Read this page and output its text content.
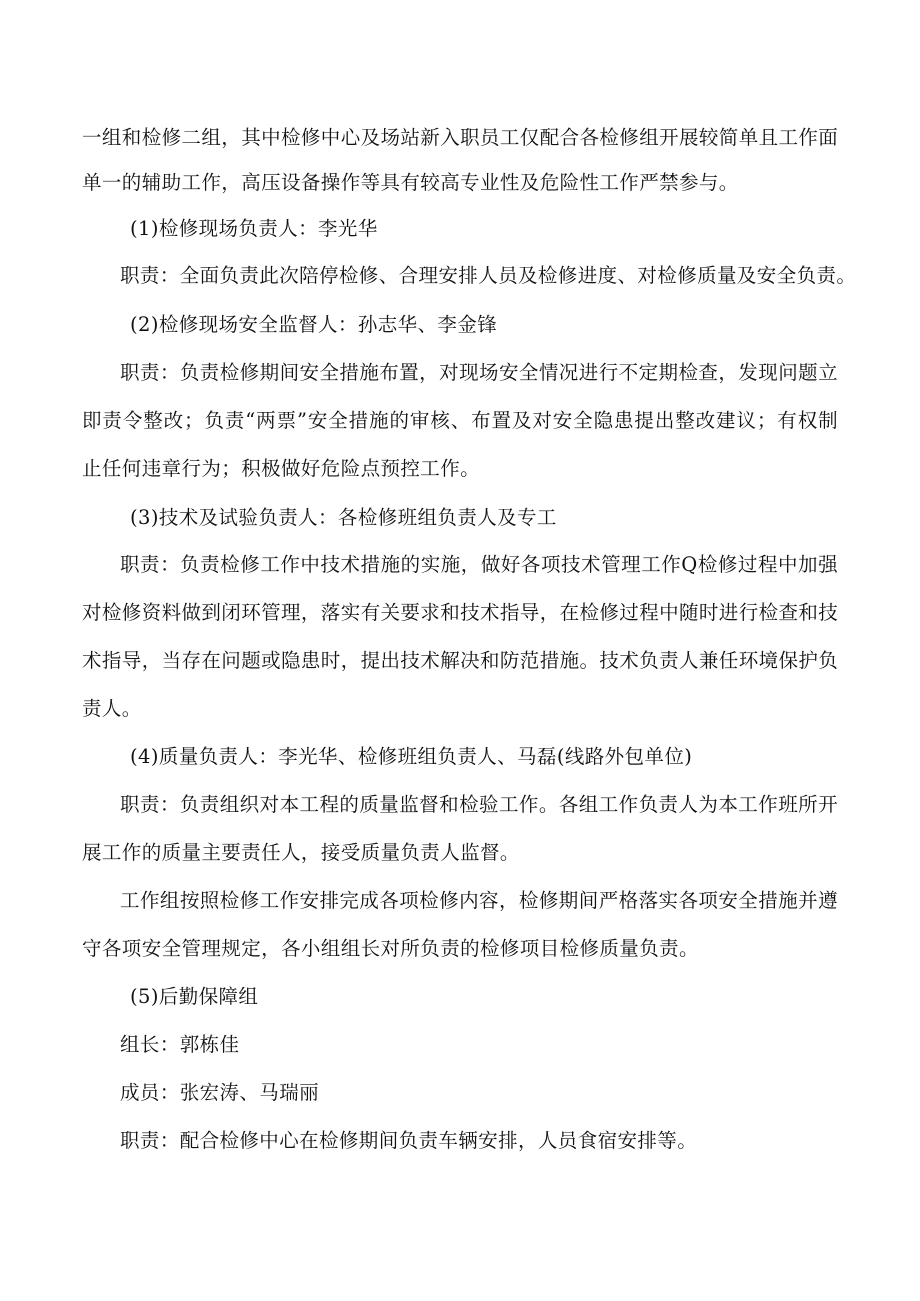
一组和检修二组，其中检修中心及场站新入职员工仅配合各检修组开展较简单且工作面
单一的辅助工作，高压设备操作等具有较高专业性及危险性工作严禁参与。
(1)检修现场负责人：李光华
职责：全面负责此次陪停检修、合理安排人员及检修进度、对检修质量及安全负责。
(2)检修现场安全监督人：孙志华、李金锋
职责：负责检修期间安全措施布置，对现场安全情况进行不定期检查，发现问题立
即责令整改；负责“两票”安全措施的审核、布置及对安全隐患提出整改建议；有权制
止任何违章行为；积极做好危险点预控工作。
(3)技术及试验负责人：各检修班组负责人及专工
职责：负责检修工作中技术措施的实施，做好各项技术管理工作Q检修过程中加强
对检修资料做到闭环管理，落实有关要求和技术指导，在检修过程中随时进行检查和技
术指导，当存在问题或隐患时，提出技术解决和防范措施。技术负责人兼任环境保护负
责人。
(4)质量负责人：李光华、检修班组负责人、马磊(线路外包单位)
职责：负责组织对本工程的质量监督和检验工作。各组工作负责人为本工作班所开
展工作的质量主要责任人，接受质量负责人监督。
工作组按照检修工作安排完成各项检修内容，检修期间严格落实各项安全措施并遵
守各项安全管理规定，各小组组长对所负责的检修项目检修质量负责。
(5)后勤保障组
组长：郭栋佳
成员：张宏涛、马瑞丽
职责：配合检修中心在检修期间负责车辆安排，人员食宿安排等。
